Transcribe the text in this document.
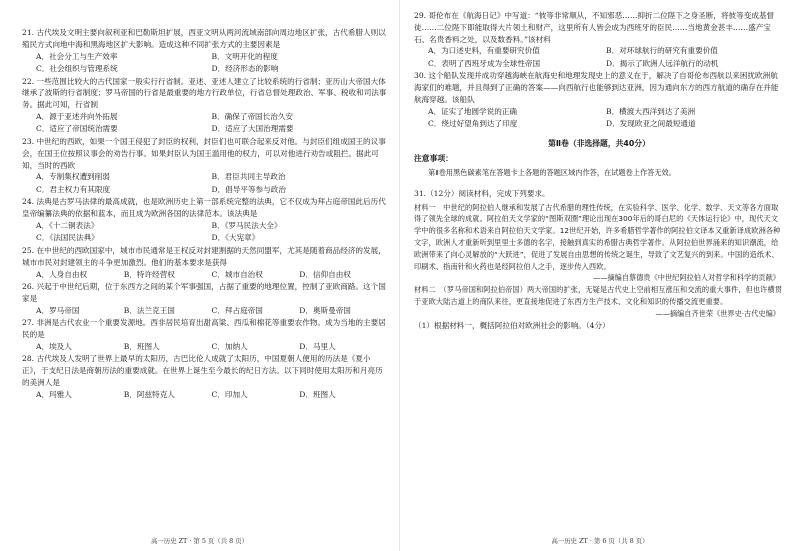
21. 古代埃及文明主要向叙利亚和巴勒斯坦扩展，西亚文明从两河流域南部向周边地区扩张，古代希腊人则以殖民方式向地中海和黑海地区扩大影响。造成这种不同扩张方式的主要因素是

A．社会分工与生产效率	B．文明开化的程度
C．社会组织与管理系统	D．经济形态的影响

22. 一些范围比较大的古代国家一般实行行省制。亚述、亚述人建立了比较系统的行省制；亚历山大帝国大体继承了波斯的行省制度；罗马帝国的行省是最重要的地方行政单位，行省总督处理政治、军事、税收和司法事务。据此可知，行省制

A．源于亚述并向外拓展	B．确保了帝国长治久安
C．适应了帝国统治需要	D．适应了大国治理需要

23. 中世纪的西欧，如果一个国王侵犯了封臣的权利，封臣们也可联合起来反对他。与封臣们组成国王的议事会，在国王位按照议事会的劝告行事。如果封臣认为国王滥用他的权力，可以对他进行劝告或阻拦。据此可知，当时的西欧

A．专制集权遭到削弱	B．君臣共同主导政治
C．君主权力有其限度	D．倡导平等参与政治

24. 法典是古罗马法律的最高成就，也是欧洲历史上第一部系统完整的法典，它不仅成为拜占庭帝国此后历代皇帝编纂法典的依据和蓝本，而且成为欧洲各国的法律范本。该法典是

A．《十二铜表法》	B．《罗马民法大全》
C．《法国民法典》	D．《大宪章》

25. 在中世纪的西欧国家中，城市市民通常是王权反对封建割据的天然同盟军，尤其是随着商品经济的发展，城市市民对封建领主的斗争更加激烈。他们的基本要求是获得

A．人身自由权	B．特许经营权	C．城市自治权	D．信仰自由权

26. 兴起于中世纪后期，位于东西方之间的某个军事强国，占据了重要的地理位置，控制了亚欧商路。这个国家是

A．罗马帝国	B．法兰克王国	C．拜占庭帝国	D．奥斯曼帝国

27. 非洲是古代农业一个重要发源地。西非居民培育出甜高粱、西瓜和棉花等重要农作物。成为当地的主要居民的是

A．埃及人	B．班图人	C．加纳人	D．马里人

28. 古代埃及人发明了世界上最早的太阳历，古巴比伦人成就了太阳历，中国夏朝人便用的历法是《夏小正》，于支纪日法是商朝历法的重要成就。在世界上诞生至今最长的纪日方法。以下同时使用太阳历和月亮历的美洲人是

A．玛雅人	B．阿兹特克人	C．印加人	D．班图人
高一历史 ZT · 第 5 页（共 8 页）

29. 哥伦布在《航海日记》中写道：“彼等非常顺从，不知邪恶……抑折二位陛下之身圣断，将彼等变成基督徒……二位陛下即能取得大片领土和财产，这里所有人皆会成为西班牙的臣民……当地黄金甚丰……盛产宝石、名贵香料之处，以及数香料。”该材料

A．为口述史料，有重要研究价值	B．对环球航行的研究有重要价值
C．表明了西班牙成为全球性帝国	D．揭示了欧洲人远洋航行的动机

30. 这个船队发现并成功穿越海峡在航海史和地理发现史上的意义在于，解决了自哥伦布西航以来困扰欧洲航海家们的难题，并且得到了正确的答案——向西航行也能够到达亚洲，因为通向东方的西方航道的确存在并能航海穿越。该船队

A．证实了地圆学说的正确	B．横渡大西洋到达了美洲
C．绕过好望角到达了印度	D．发现欧亚之间最短通道
第Ⅱ卷（非选择题，共40分）
注意事项：

第Ⅱ卷用黑色碳素笔在答题卡上各题的答题区域内作答，在试题卷上作答无效。

31.（12分）阅读材料，完成下列要求。

材料一　中世纪的阿拉伯人继承和发展了古代希腊的理性传统，在实验科学、医学、化学、数学、天文等各方面取得了领先全球的成就。阿拉伯天文学家的“图斯双圈”理论出现在300年后的哥白尼的《天体运行论》中，现代天文学中的很多名称和术语来自阿拉伯天文学家。12世纪开始，许多希腊哲学著作的阿拉伯文译本又重新译成欧洲各种文字，欧洲人才重新听到里里士多德的名字，接触到真实的希腊古典哲学著作。从阿拉伯世界涌来的知识潮流，给欧洲带来了向心灵解放的“大跃进”，促进了发展自由思想的传统之诞生，导致了文艺复兴的到来。中国的造纸术、印刷术、指南针和火药也是经阿拉伯人之手，逐步传入西欧。

——摘编自蔡德贵《中世纪阿拉伯人对哲学和科学的贡献》

材料二　（罗马帝国和阿拉伯帝国）两大帝国的扩张，无疑是古代史上空前相互涨压和交流的重大事件，但也许横贯于亚欧大陆古道上的商队来往，更直接地促进了东西方生产技术、文化和知识的传播交流更重要。

——摘编自齐世荣《世界史·古代史编》

（1）根据材料一，概括阿拉伯对欧洲社会的影响。（4分）

高一历史 ZT · 第 6 页（共 8 页）
